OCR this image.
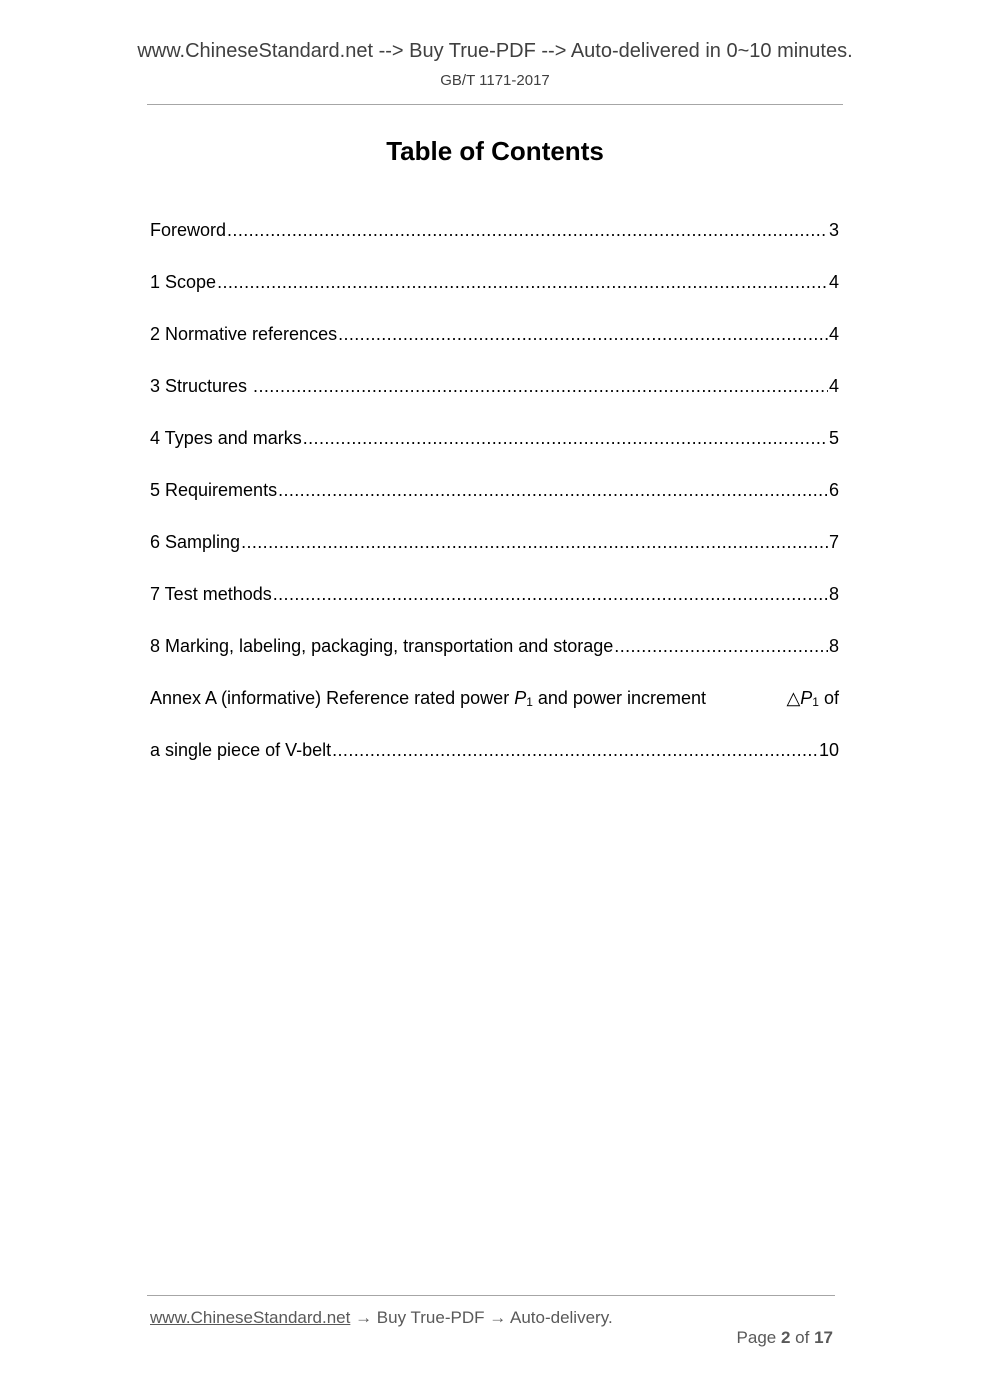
www.ChineseStandard.net --> Buy True-PDF --> Auto-delivered in 0~10 minutes.
GB/T 1171-2017
Table of Contents
Foreword .....	3
1 Scope .....	4
2 Normative references .....	4
3 Structures .....	4
4 Types and marks .....	5
5 Requirements .....	6
6 Sampling .....	7
7 Test methods .....	8
8 Marking, labeling, packaging, transportation and storage .....	8
Annex A (informative) Reference rated power P1 and power increment	△P1 of
a single piece of V-belt .....	10
www.ChineseStandard.net → Buy True-PDF → Auto-delivery.

Page 2 of 17
